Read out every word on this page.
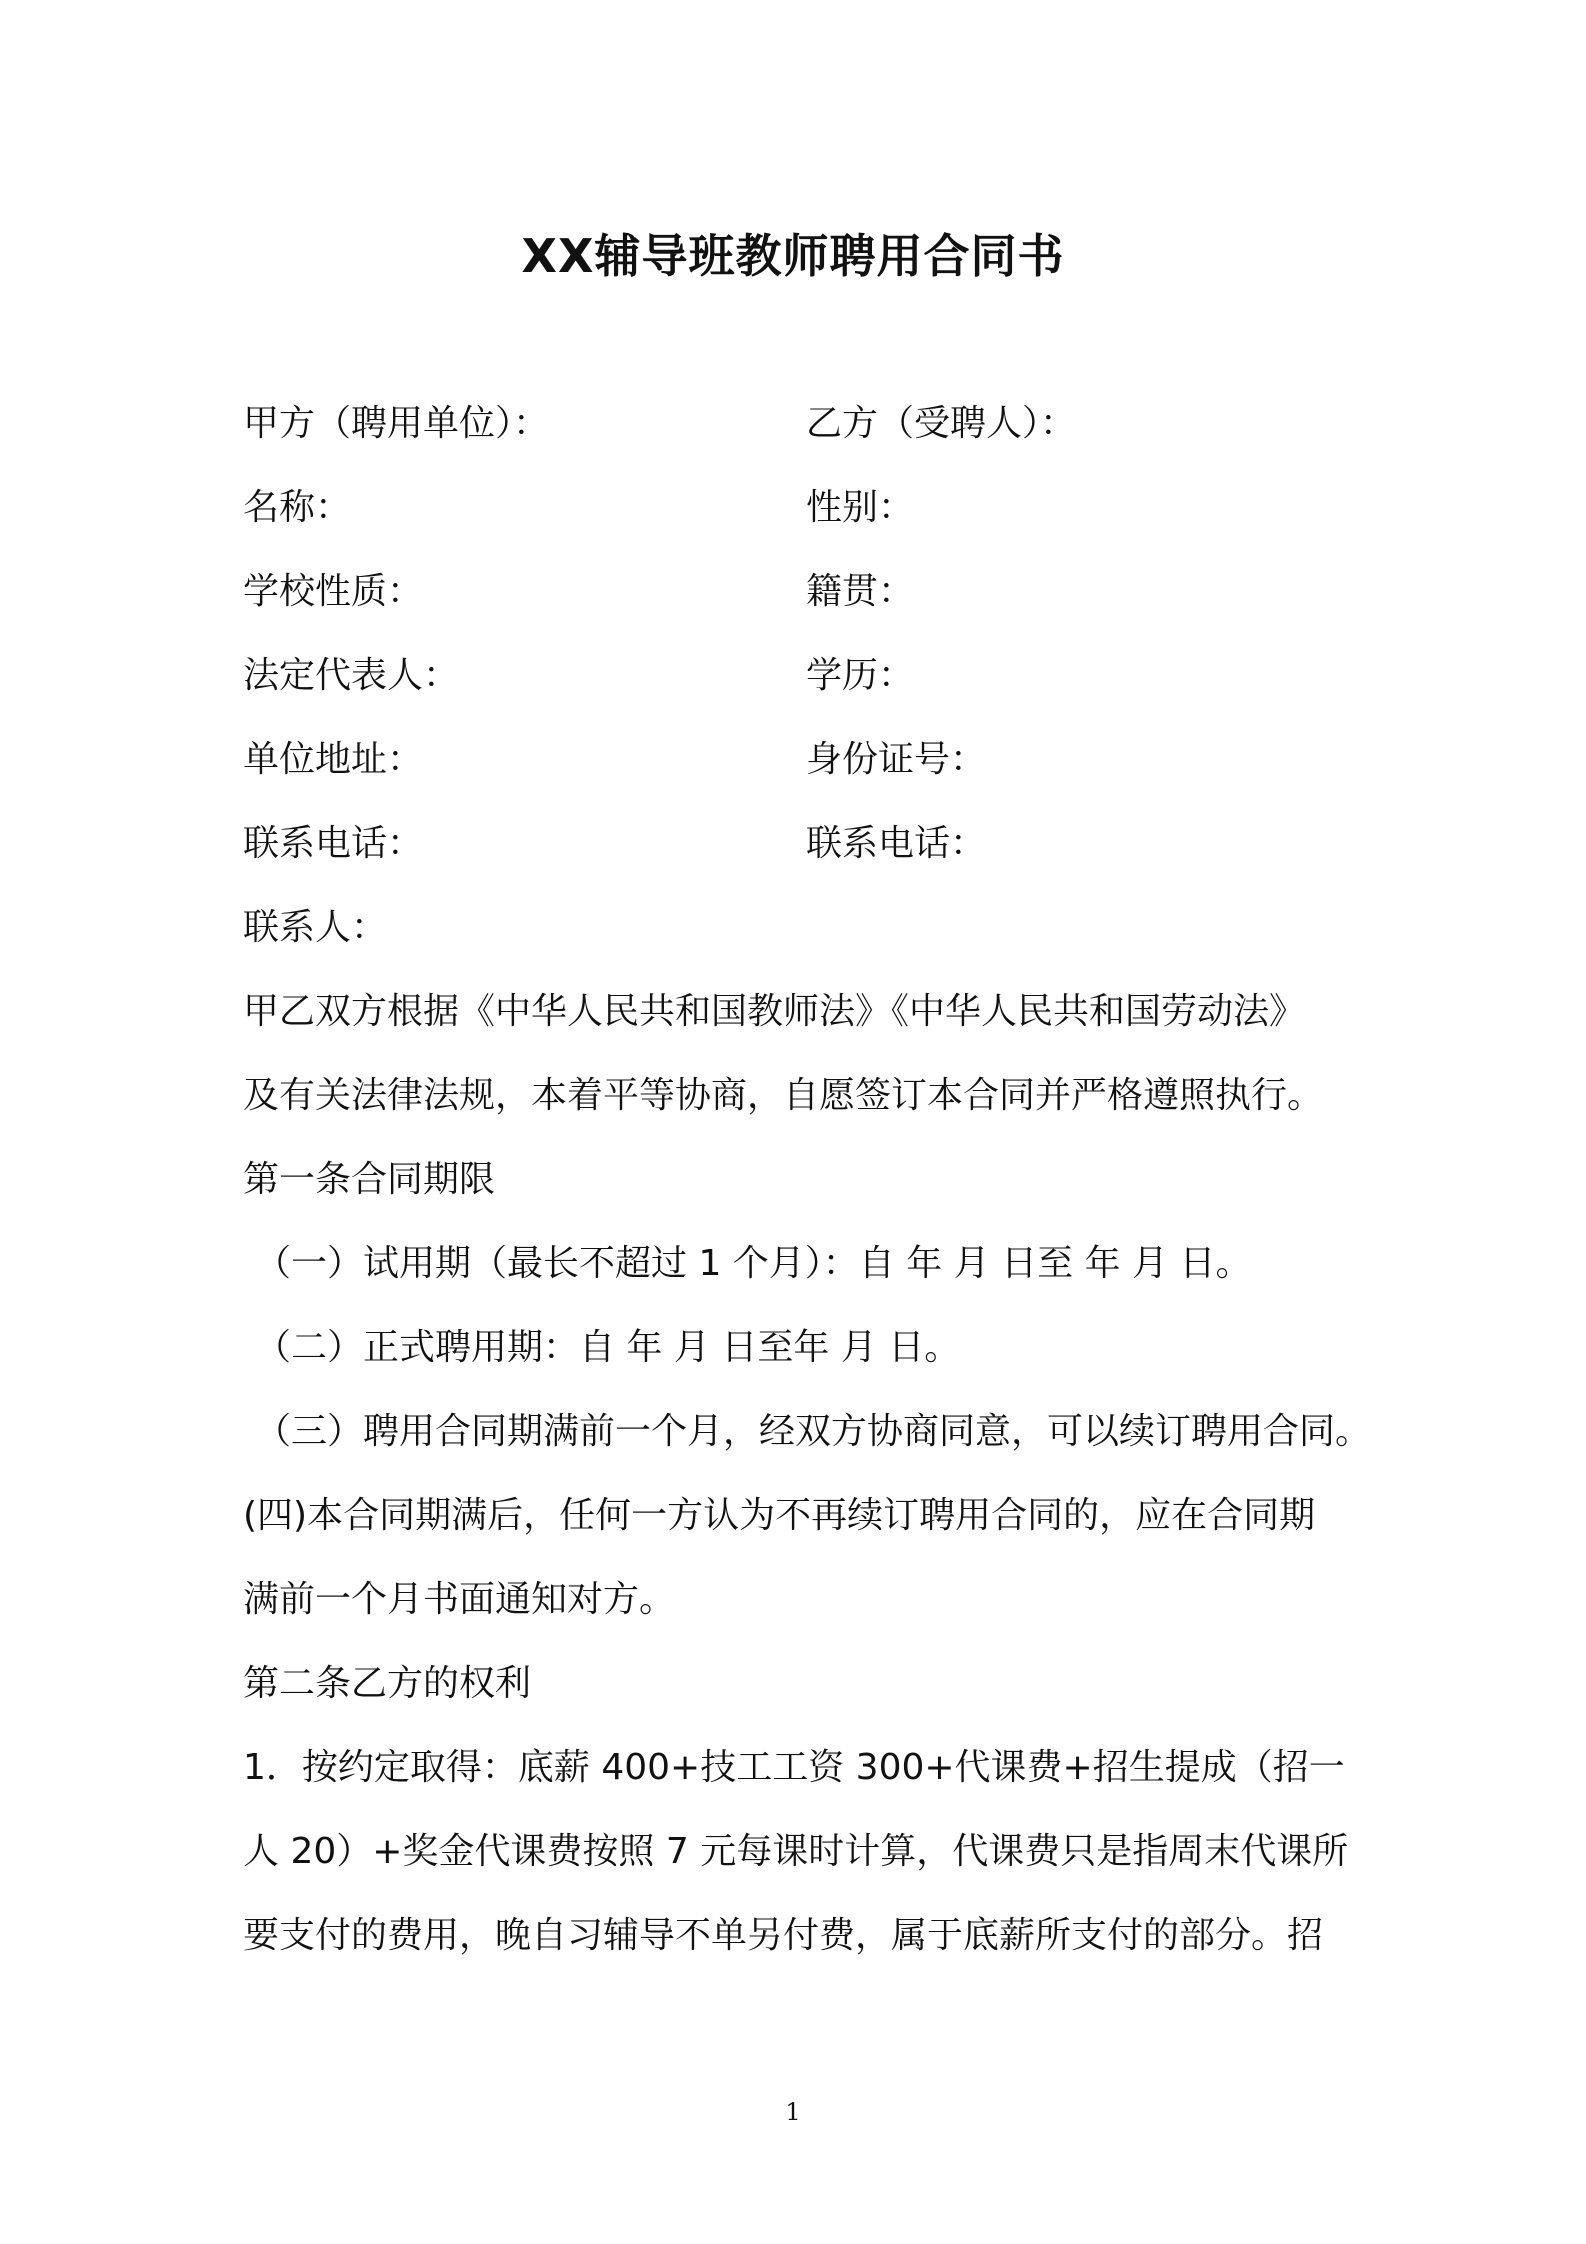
XX辅导班教师聘用合同书
甲方（聘用单位）：	乙方（受聘人）：
名称：	性别：
学校性质：	籍贯：
法定代表人：	学历：
单位地址：	身份证号：
联系电话：	联系电话：
联系人：
甲乙双方根据《中华人民共和国教师法》《中华人民共和国劳动法》
及有关法律法规，本着平等协商，自愿签订本合同并严格遵照执行。
第一条合同期限
（一）试用期（最长不超过 1 个月）：自 年 月 日至 年 月 日。
（二）正式聘用期：自 年 月 日至年 月 日。
（三）聘用合同期满前一个月，经双方协商同意，可以续订聘用合同。
(四)本合同期满后，任何一方认为不再续订聘用合同的，应在合同期
满前一个月书面通知对方。
第二条乙方的权利
1．按约定取得：底薪 400+技工工资 300+代课费+招生提成（招一
人 20）+奖金代课费按照 7 元每课时计算，代课费只是指周末代课所
要支付的费用，晚自习辅导不单另付费，属于底薪所支付的部分。招
1
